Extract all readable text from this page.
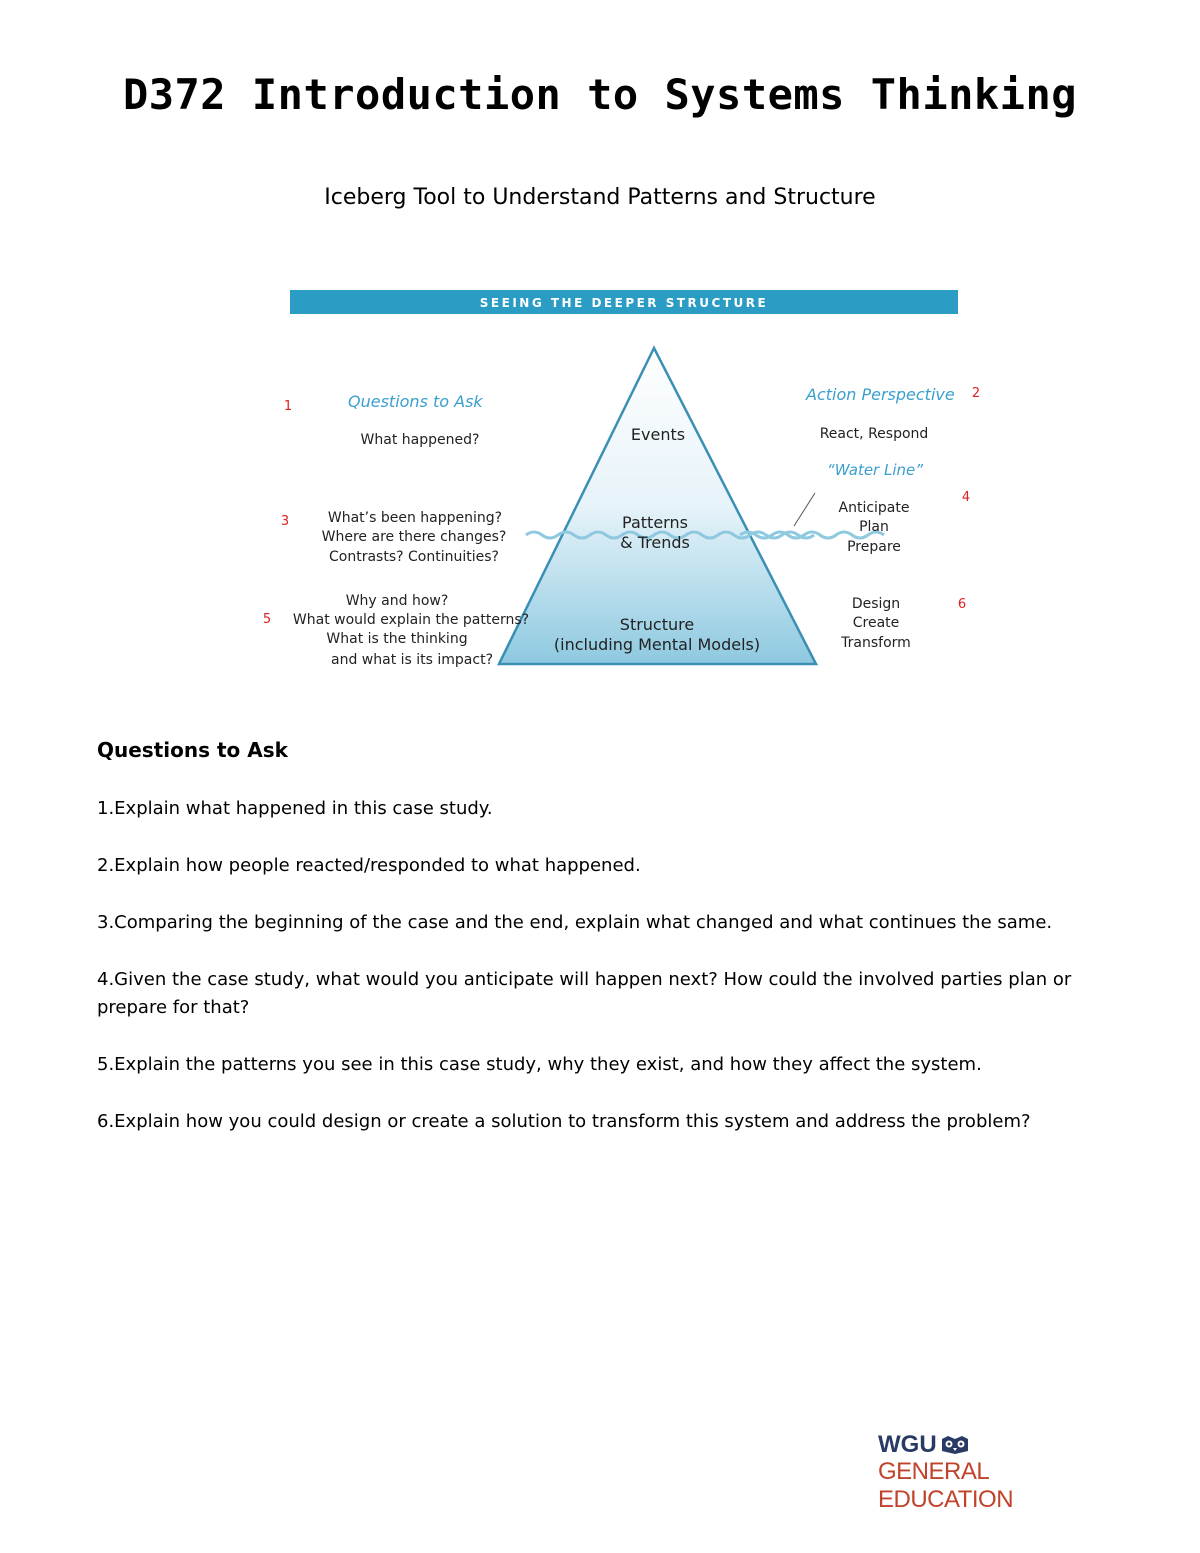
D372 Introduction to Systems Thinking
Iceberg Tool to Understand Patterns and Structure
SEEING THE DEEPER STRUCTURE
Events
Patterns
& Trends
Structure
(including Mental Models)
Questions to Ask	Action Perspective
“Water Line”
What happened?
What’s been happening?
Where are there changes?
Contrasts? Continuities?
Why and how?
What would explain the patterns?
What is the thinking
and what is its impact?
React, Respond
Anticipate
Plan
Prepare
Design
Create
Transform
1
2
3
4
5
6
Questions to Ask
1.Explain what happened in this case study.
2.Explain how people reacted/responded to what happened.
3.Comparing the beginning of the case and the end, explain what changed and what continues the same.
4.Given the case study, what would you anticipate will happen next? How could the involved parties plan or prepare for that?
5.Explain the patterns you see in this case study, why they exist, and how they affect the system.
6.Explain how you could design or create a solution to transform this system and address the problem?
WGU
GENERAL EDUCATION
